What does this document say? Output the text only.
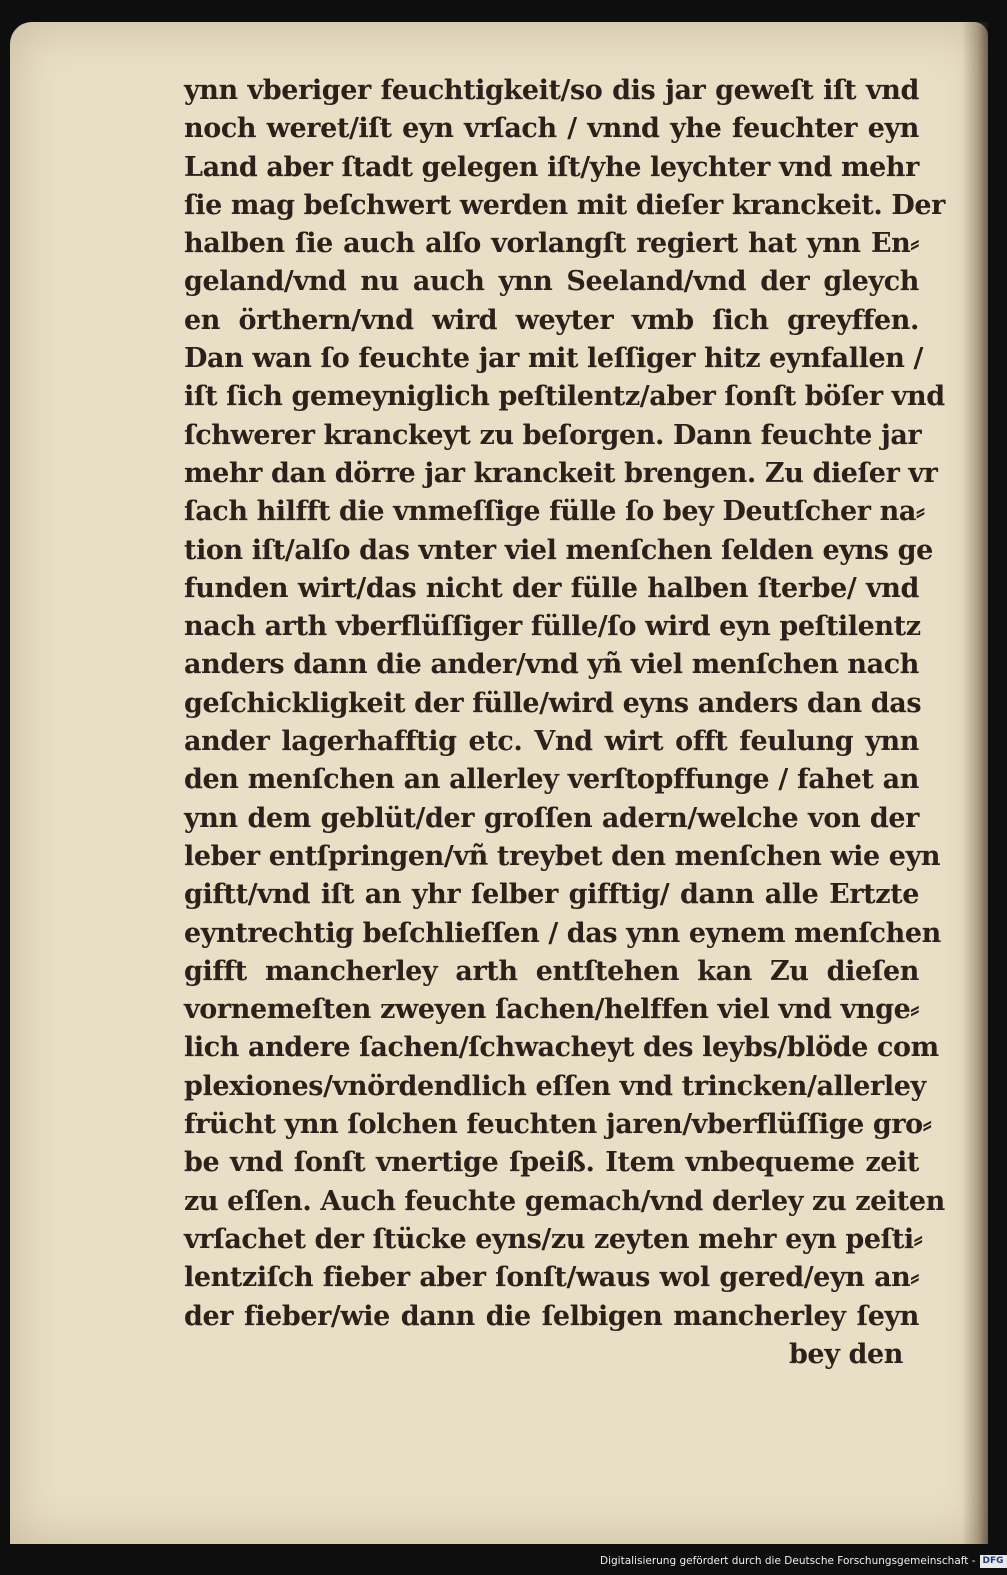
ynn vberiger feuchtigkeit/so dis jar geweſt iſt vnd
noch weret/iſt eyn vrſach / vnnd yhe feuchter eyn
Land aber ſtadt gelegen iſt/yhe leychter vnd mehr
ſie mag beſchwert werden mit dieſer kranckeit. Der
halben ſie auch alſo vorlangſt regiert hat ynn En⸗
geland/vnd nu auch ynn Seeland/vnd der gleych
en örthern/vnd wird weyter vmb ſich greyffen.
Dan wan ſo feuchte jar mit leſſiger hitz eynfallen /
iſt ſich gemeyniglich peſtilentz/aber ſonſt böſer vnd
ſchwerer kranckeyt zu beſorgen. Dann feuchte jar
mehr dan dörre jar kranckeit brengen. Zu dieſer vr
ſach hilfft die vnmeſſige fülle ſo bey Deutſcher na⸗
tion iſt/alſo das vnter viel menſchen ſelden eyns ge
funden wirt/das nicht der fülle halben ſterbe/ vnd
nach arth vberflüſſiger fülle/ſo wird eyn peſtilentz
anders dann die ander/vnd yñ viel menſchen nach
geſchickligkeit der fülle/wird eyns anders dan das
ander lagerhafftig etc. Vnd wirt offt feulung ynn
den menſchen an allerley verſtopffunge / fahet an
ynn dem geblüt/der groſſen adern/welche von der
leber entſpringen/vñ treybet den menſchen wie eyn
giftt/vnd iſt an yhr ſelber gifftig/ dann alle Ertzte
eyntrechtig beſchlieſſen / das ynn eynem menſchen
gifft mancherley arth entſtehen kan Zu dieſen
vornemeſten zweyen ſachen/helffen viel vnd vnge⸗
lich andere ſachen/ſchwacheyt des leybs/blöde com
plexiones/vnördendlich eſſen vnd trincken/allerley
frücht ynn ſolchen feuchten jaren/vberflüſſige gro⸗
be vnd ſonſt vnertige ſpeiß. Item vnbequeme zeit
zu eſſen. Auch feuchte gemach/vnd derley zu zeiten
vrſachet der ſtücke eyns/zu zeyten mehr eyn peſti⸗
lentziſch fieber aber ſonſt/waus wol gered/eyn an⸗
der fieber/wie dann die ſelbigen mancherley ſeyn
bey den
Digitalisierung gefördert durch die Deutsche Forschungsgemeinschaft - DFG
